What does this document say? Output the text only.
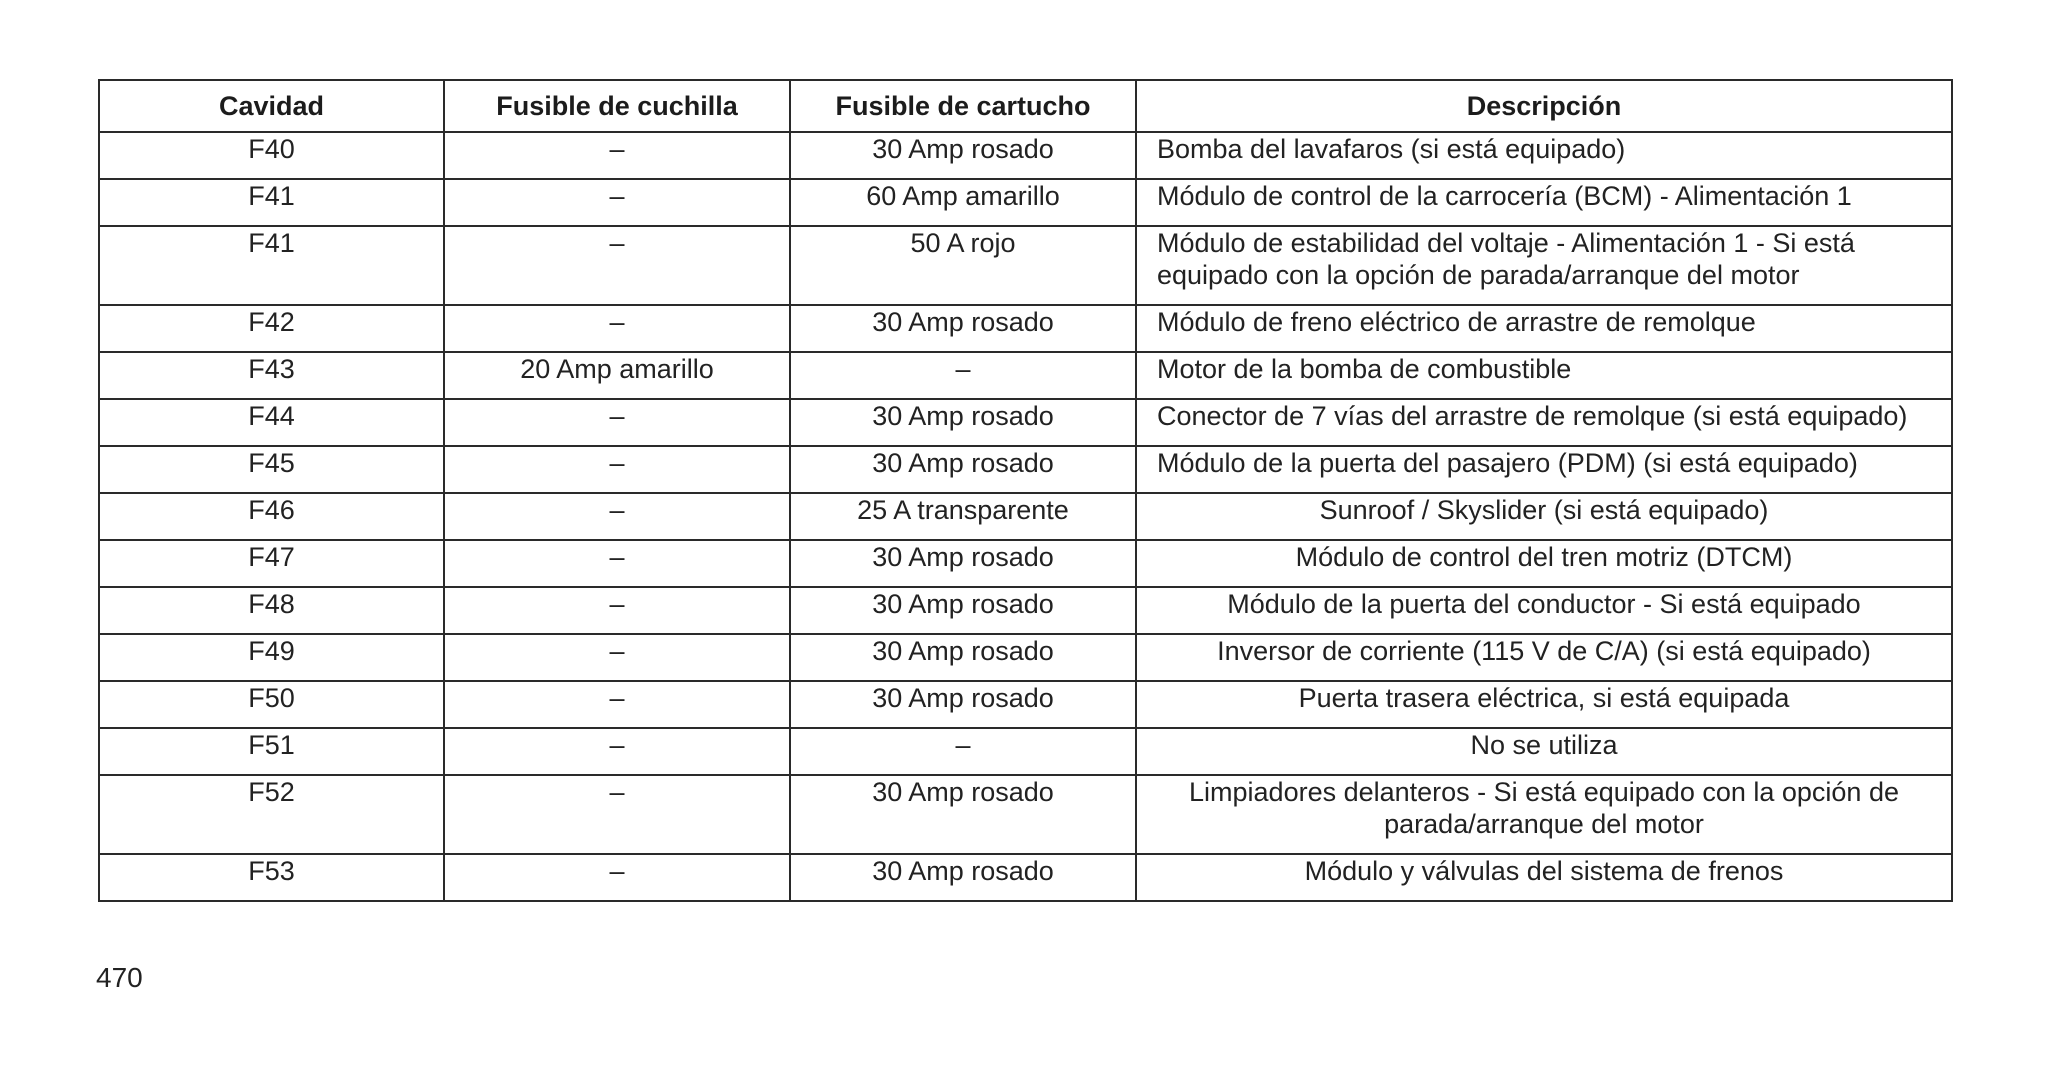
Cavidad	Fusible de cuchilla	Fusible de cartucho	Descripción
F40	–	30 Amp rosado	Bomba del lavafaros (si está equipado)
F41	–	60 Amp amarillo	Módulo de control de la carrocería (BCM) - Alimentación 1
F41	–	50 A rojo	Módulo de estabilidad del voltaje - Alimentación 1 - Si está equipado con la opción de parada/arranque del motor
F42	–	30 Amp rosado	Módulo de freno eléctrico de arrastre de remolque
F43	20 Amp amarillo	–	Motor de la bomba de combustible
F44	–	30 Amp rosado	Conector de 7 vías del arrastre de remolque (si está equipado)
F45	–	30 Amp rosado	Módulo de la puerta del pasajero (PDM) (si está equipado)
F46	–	25 A transparente	Sunroof / Skyslider (si está equipado)
F47	–	30 Amp rosado	Módulo de control del tren motriz (DTCM)
F48	–	30 Amp rosado	Módulo de la puerta del conductor - Si está equipado
F49	–	30 Amp rosado	Inversor de corriente (115 V de C/A) (si está equipado)
F50	–	30 Amp rosado	Puerta trasera eléctrica, si está equipada
F51	–	–	No se utiliza
F52	–	30 Amp rosado	Limpiadores delanteros - Si está equipado con la opción de parada/arranque del motor
F53	–	30 Amp rosado	Módulo y válvulas del sistema de frenos
470
